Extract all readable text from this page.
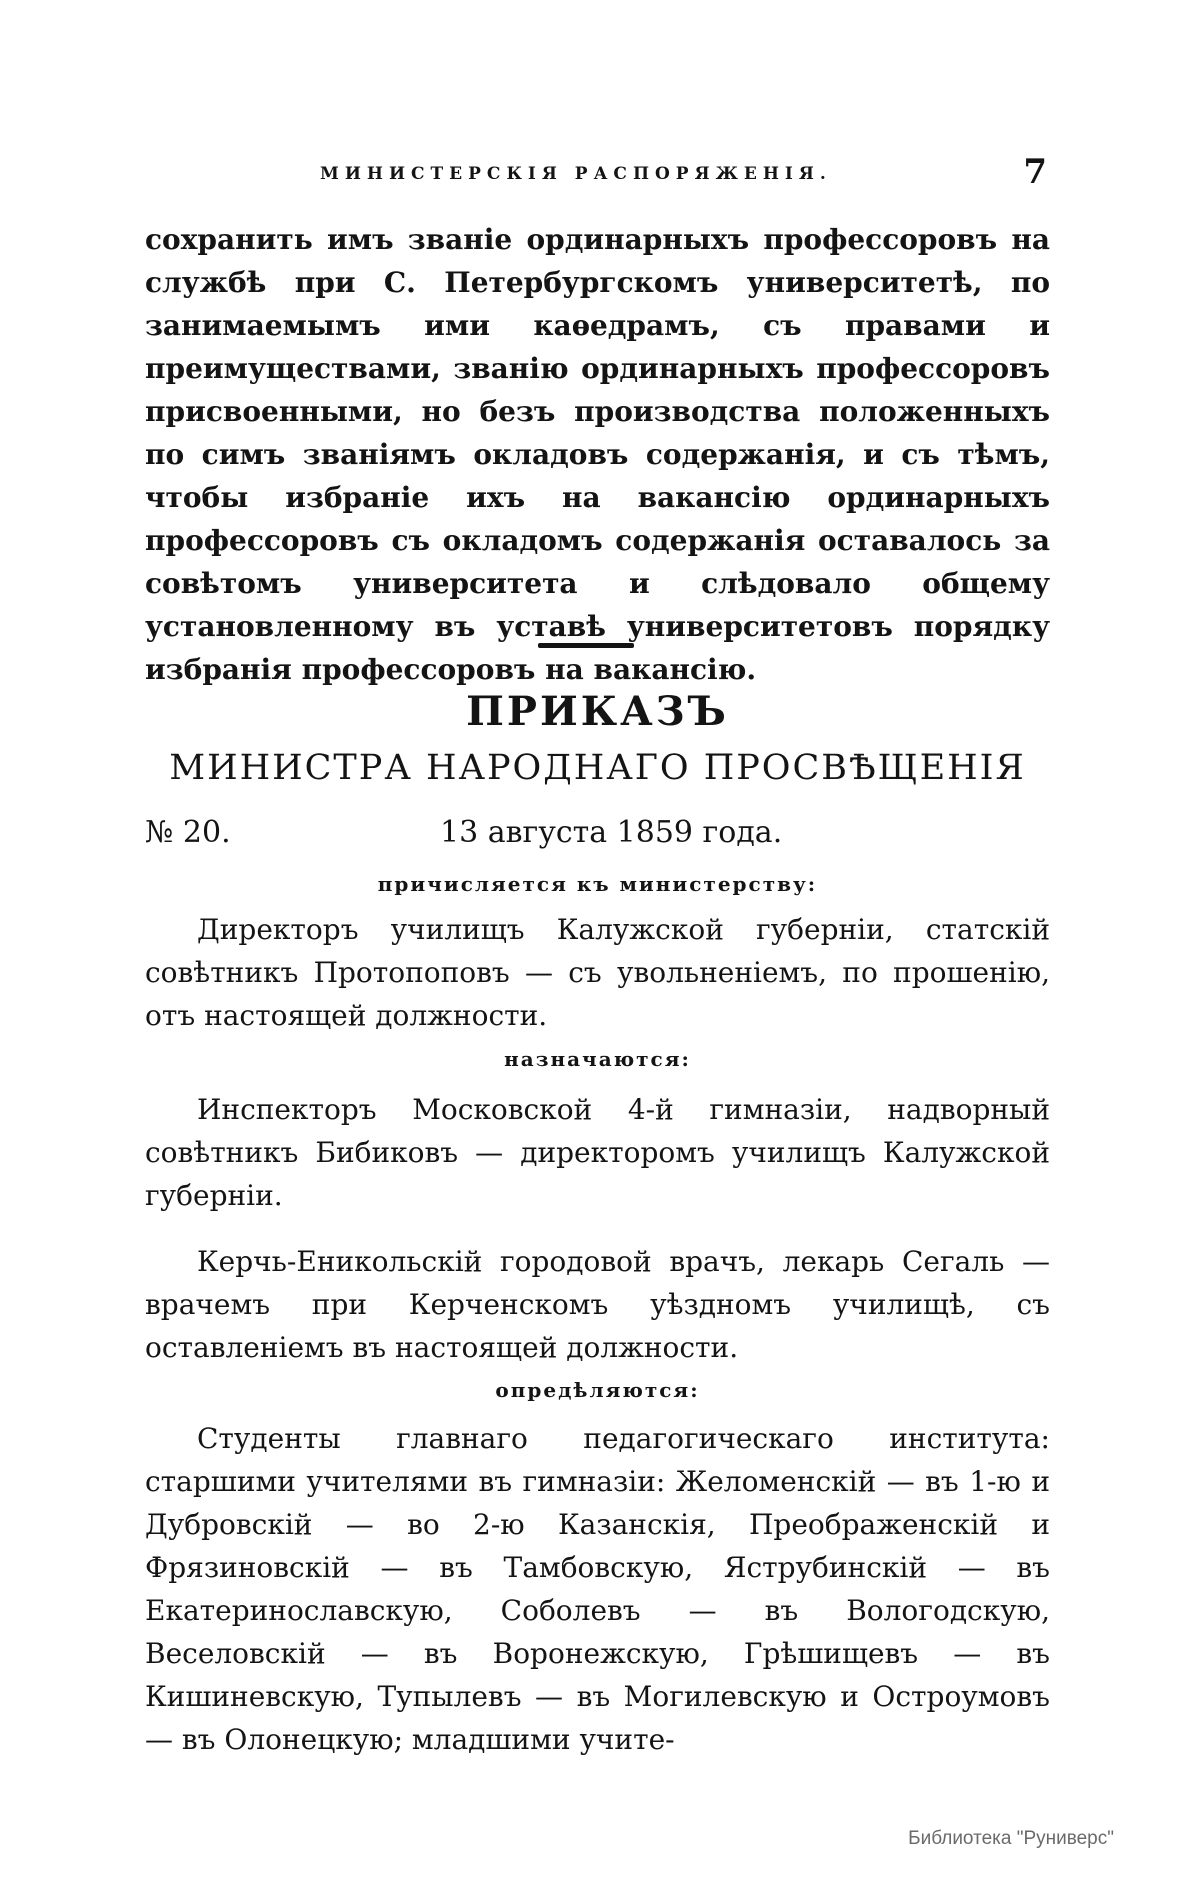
МИНИСТЕРСКІЯ РАСПОРЯЖЕНІЯ.	7

сохранить имъ званіе ординарныхъ профессоровъ на службѣ при С. Петербургскомъ университетѣ, по занимаемымъ ими каѳедрамъ, съ правами и преимуществами, званію ординарныхъ профессоровъ присвоенными, но безъ производства положенныхъ по симъ званіямъ окладовъ содержанія, и съ тѣмъ, чтобы избраніе ихъ на вакансію ординарныхъ профессоровъ съ окладомъ содержанія оставалось за совѣтомъ университета и слѣдовало общему установленному въ уставѣ университетовъ порядку избранія профессоровъ на вакансію.

ПРИКАЗЪ
МИНИСТРА НАРОДНАГО ПРОСВѢЩЕНІЯ
№ 20.	13 августа 1859 года.
причисляется къ министерству:

Директоръ училищъ Калужской губерніи, статскій совѣтникъ Протопоповъ — съ увольненіемъ, по прошенію, отъ настоящей должности.

назначаются:

Инспекторъ Московской 4-й гимназіи, надворный совѣтникъ Бибиковъ — директоромъ училищъ Калужской губерніи.

Керчь-Еникольскій городовой врачъ, лекарь Сегаль — врачемъ при Керченскомъ уѣздномъ училищѣ, съ оставленіемъ въ настоящей должности.

опредѣляются:

Студенты главнаго педагогическаго института: старшими учителями въ гимназіи: Желоменскій — въ 1-ю и Дубровскій — во 2-ю Казанскія, Преображенскій и Фрязиновскій — въ Тамбовскую, Яструбинскій — въ Екатеринославскую, Соболевъ — въ Вологодскую, Веселовскій — въ Воронежскую, Грѣшищевъ — въ Кишиневскую, Тупылевъ — въ Могилевскую и Остроумовъ — въ Олонецкую; младшими учите-

Библиотека "Руниверс"
